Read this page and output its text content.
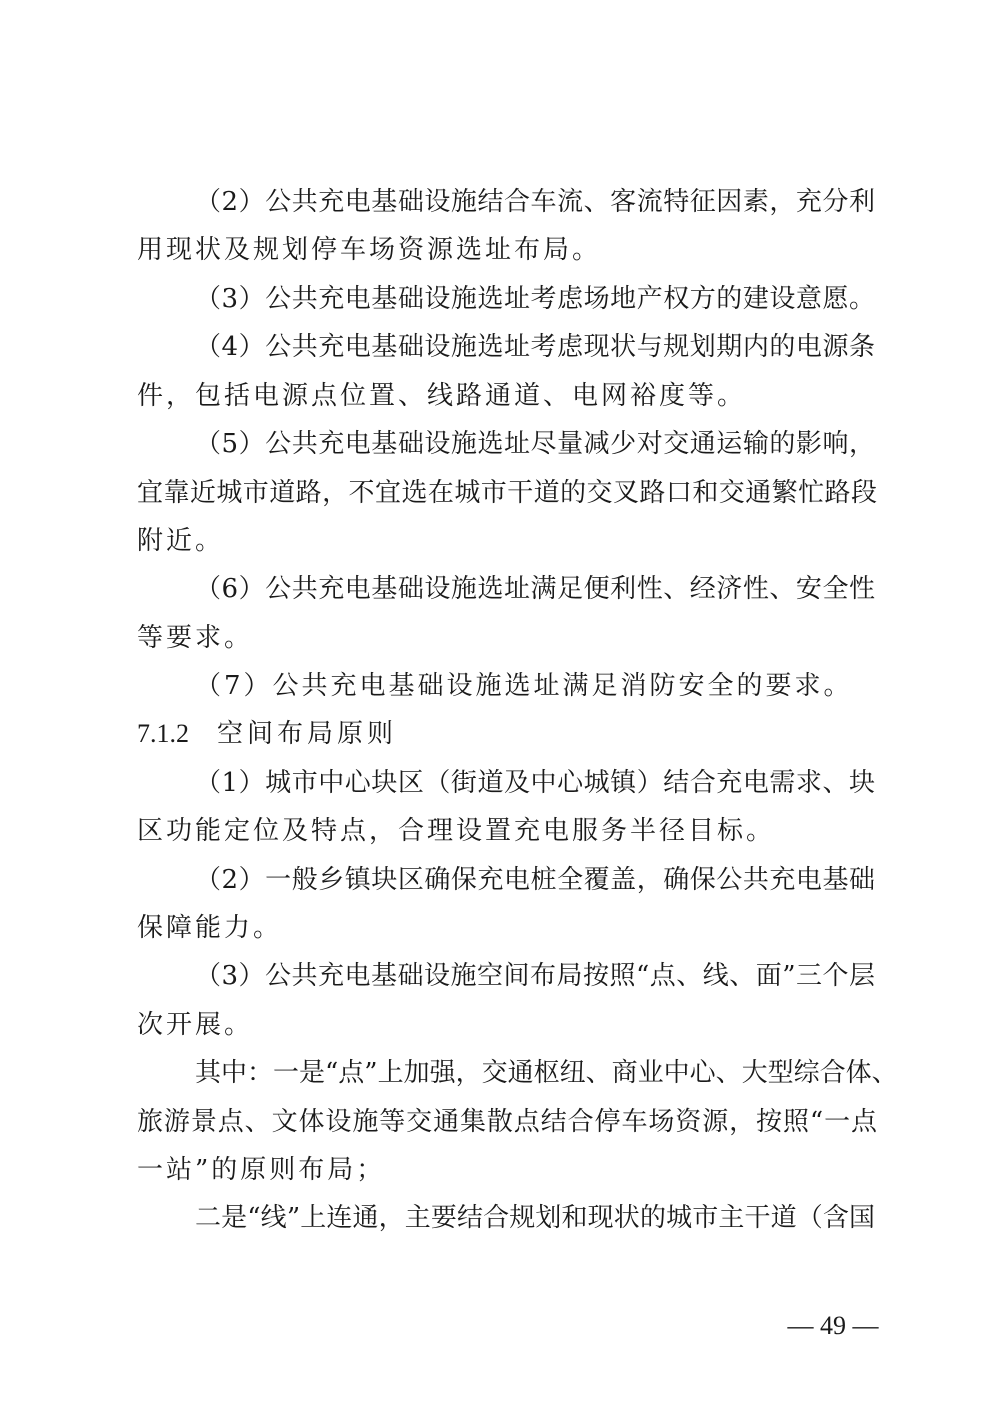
（2）公共充电基础设施结合车流、客流特征因素，充分利
用现状及规划停车场资源选址布局。
（3）公共充电基础设施选址考虑场地产权方的建设意愿。
（4）公共充电基础设施选址考虑现状与规划期内的电源条
件，包括电源点位置、线路通道、电网裕度等。
（5）公共充电基础设施选址尽量减少对交通运输的影响，
宜靠近城市道路，不宜选在城市干道的交叉路口和交通繁忙路段
附近。
（6）公共充电基础设施选址满足便利性、经济性、安全性
等要求。
（7）公共充电基础设施选址满足消防安全的要求。
7.1.2 空间布局原则
（1）城市中心块区（街道及中心城镇）结合充电需求、块
区功能定位及特点，合理设置充电服务半径目标。
（2）一般乡镇块区确保充电桩全覆盖，确保公共充电基础
保障能力。
（3）公共充电基础设施空间布局按照“点、线、面”三个层
次开展。
其中：一是“点”上加强，交通枢纽、商业中心、大型综合体、
旅游景点、文体设施等交通集散点结合停车场资源，按照“一点
一站”的原则布局；
二是“线”上连通，主要结合规划和现状的城市主干道（含国
— 49 —
